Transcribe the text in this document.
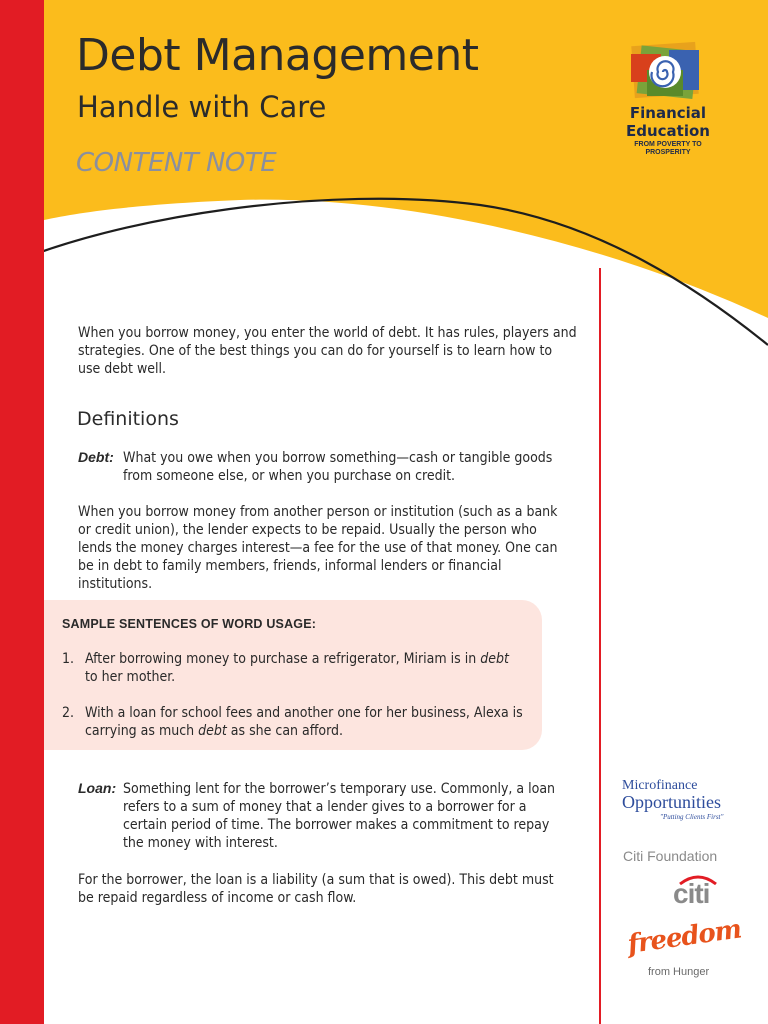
Debt Management
Handle with Care
CONTENT NOTE
Financial
Education
FROM POVERTY TO
PROSPERITY

When you borrow money, you enter the world of debt. It has rules, players and strategies. One of the best things you can do for yourself is to learn how to use debt well.

Definitions
Debt: What you owe when you borrow something—cash or tangible goods from someone else, or when you purchase on credit.

When you borrow money from another person or institution (such as a bank or credit union), the lender expects to be repaid. Usually the person who lends the money charges interest—a fee for the use of that money. One can be in debt to family members, friends, informal lenders or financial institutions.

SAMPLE SENTENCES OF WORD USAGE:
1. After borrowing money to purchase a refrigerator, Miriam is in debt to her mother.
2. With a loan for school fees and another one for her business, Alexa is carrying as much debt as she can afford.
Loan: Something lent for the borrower’s temporary use. Commonly, a loan refers to a sum of money that a lender gives to a borrower for a certain period of time. The borrower makes a commitment to repay the money with interest.

For the borrower, the loan is a liability (a sum that is owed). This debt must be repaid regardless of income or cash flow.

Microfinance
Opportunities
"Putting Clients First"
Citi Foundation
citi
freedom
from Hunger
